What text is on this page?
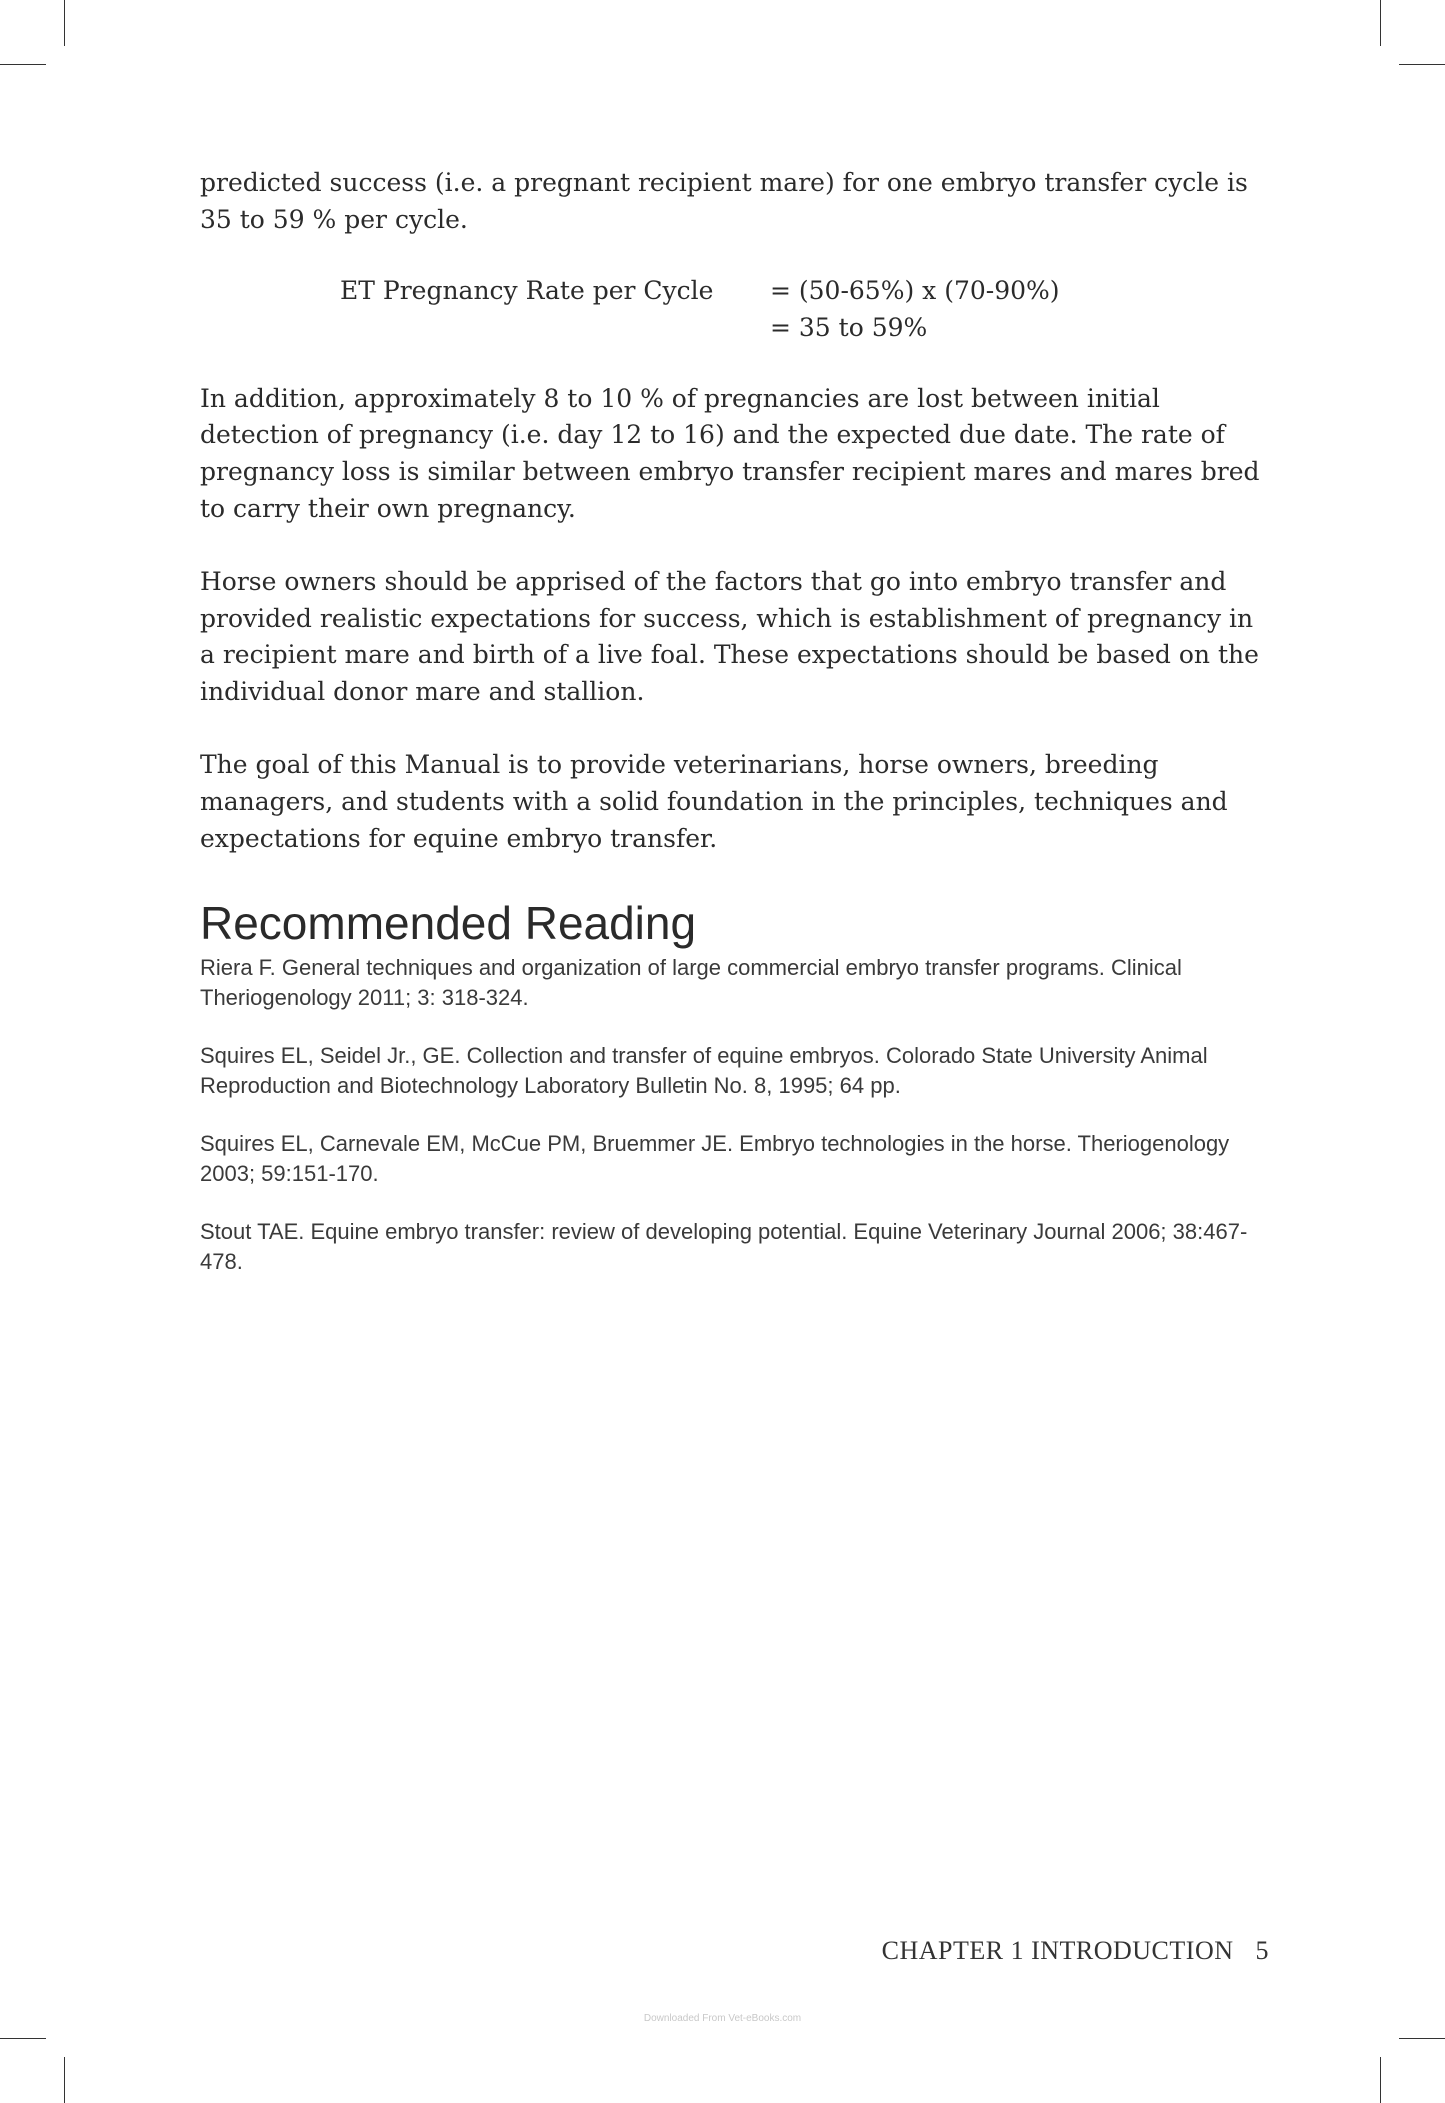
predicted success (i.e. a pregnant recipient mare) for one embryo transfer cycle is 35 to 59 % per cycle.

ET Pregnancy Rate per Cycle = (50-65%) x (70-90%)
= 35 to 59%

In addition, approximately 8 to 10 % of pregnancies are lost between initial detection of pregnancy (i.e. day 12 to 16) and the expected due date. The rate of pregnancy loss is similar between embryo transfer recipient mares and mares bred to carry their own pregnancy.

Horse owners should be apprised of the factors that go into embryo transfer and provided realistic expectations for success, which is establishment of pregnancy in a recipient mare and birth of a live foal. These expectations should be based on the individual donor mare and stallion.

The goal of this Manual is to provide veterinarians, horse owners, breeding managers, and students with a solid foundation in the principles, techniques and expectations for equine embryo transfer.

Recommended Reading

Riera F. General techniques and organization of large commercial embryo transfer programs. Clinical Theriogenology 2011; 3: 318-324.

Squires EL, Seidel Jr., GE. Collection and transfer of equine embryos. Colorado State University Animal Reproduction and Biotechnology Laboratory Bulletin No. 8, 1995; 64 pp.

Squires EL, Carnevale EM, McCue PM, Bruemmer JE. Embryo technologies in the horse. Theriogenology 2003; 59:151-170.

Stout TAE. Equine embryo transfer: review of developing potential. Equine Veterinary Journal 2006; 38:467-478.

CHAPTER 1 INTRODUCTION 5
Downloaded From Vet-eBooks.com
